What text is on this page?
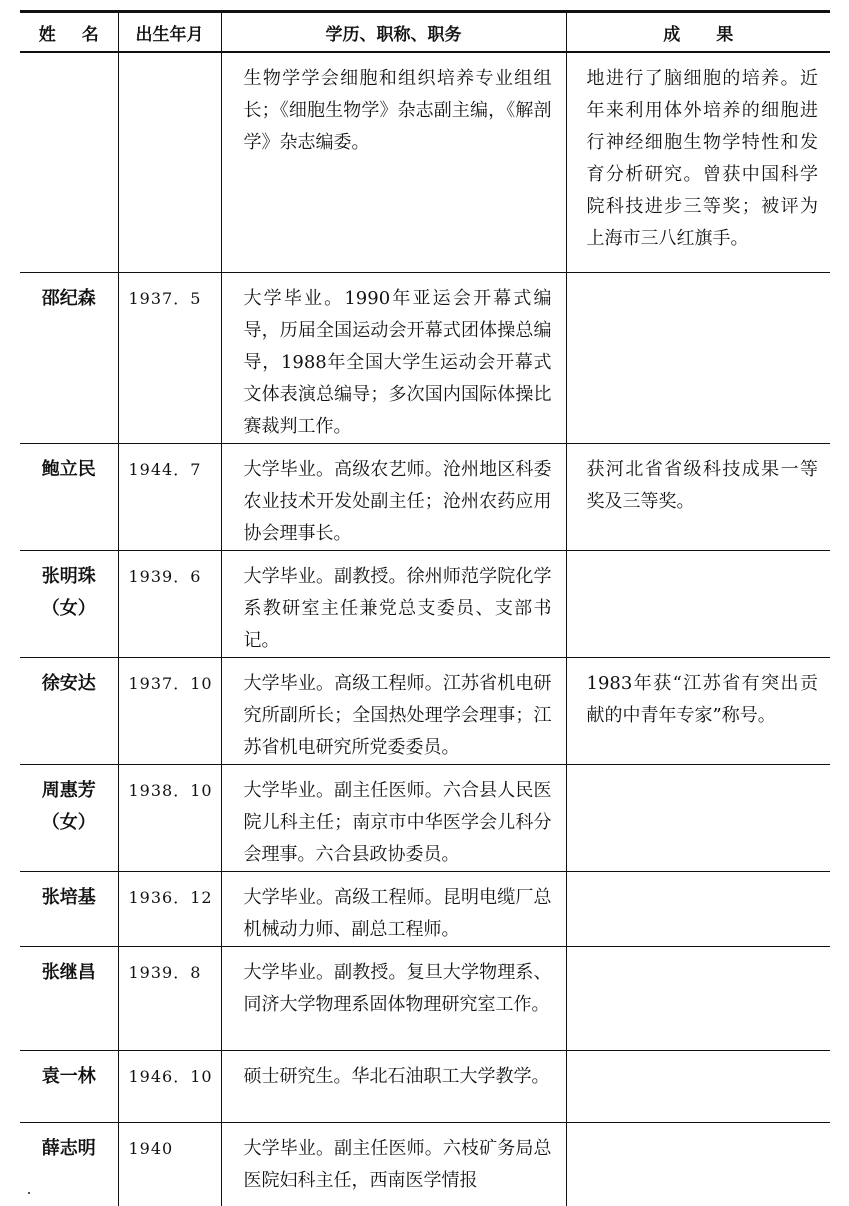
姓名	出生年月	学历、职称、职务	成果

		生物学学会细胞和组织培养专业组组长；《细胞生物学》杂志副主编，《解剖学》杂志编委。	地进行了脑细胞的培养。近年来利用体外培养的细胞进行神经细胞生物学特性和发育分析研究。曾获中国科学院科技进步三等奖；被评为上海市三八红旗手。

邵纪森	1937．5	大学毕业。1990年亚运会开幕式编导，历届全国运动会开幕式团体操总编导，1988年全国大学生运动会开幕式文体表演总编导；多次国内国际体操比赛裁判工作。	

鲍立民	1944．7	大学毕业。高级农艺师。沧州地区科委农业技术开发处副主任；沧州农药应用协会理事长。	获河北省省级科技成果一等奖及三等奖。

张明珠
（女）	1939．6	大学毕业。副教授。徐州师范学院化学系教研室主任兼党总支委员、支部书记。	

徐安达	1937．10	大学毕业。高级工程师。江苏省机电研究所副所长；全国热处理学会理事；江苏省机电研究所党委委员。	1983年获“江苏省有突出贡献的中青年专家”称号。

周惠芳
（女）	1938．10	大学毕业。副主任医师。六合县人民医院儿科主任；南京市中华医学会儿科分会理事。六合县政协委员。	

张培基	1936．12	大学毕业。高级工程师。昆明电缆厂总机械动力师、副总工程师。	

张继昌	1939．8	大学毕业。副教授。复旦大学物理系、同济大学物理系固体物理研究室工作。	

袁一林	1946．10	硕士研究生。华北石油职工大学教学。	

薛志明	1940	大学毕业。副主任医师。六枝矿务局总医院妇科主任，西南医学情报	
